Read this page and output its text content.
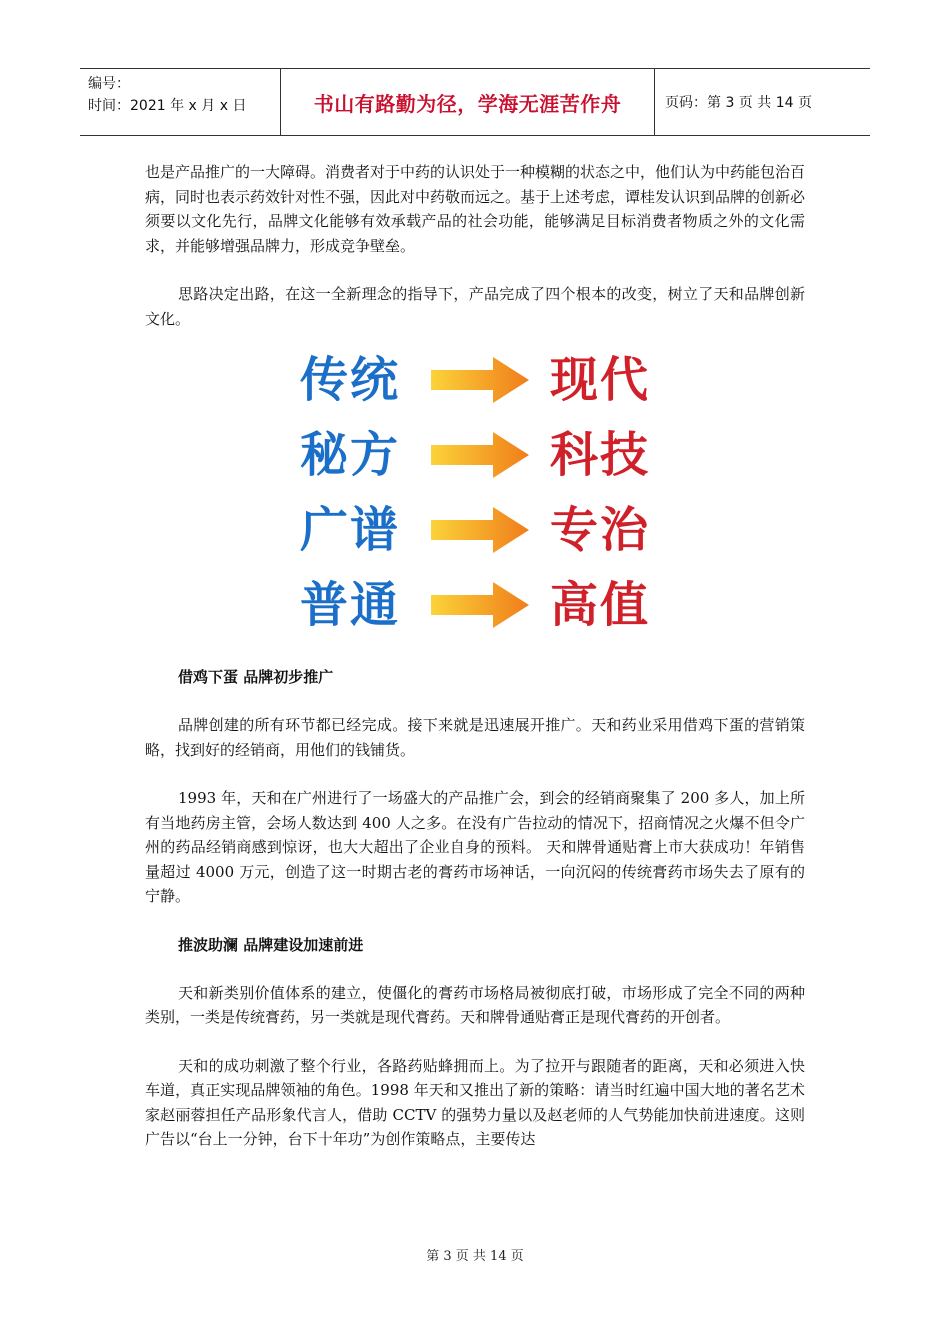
编号：
时间：2021 年 x 月 x 日	书山有路勤为径，学海无涯苦作舟	页码：第 3 页 共 14 页

也是产品推广的一大障碍。消费者对于中药的认识处于一种模糊的状态之中，他们认为中药能包治百病，同时也表示药效针对性不强，因此对中药敬而远之。基于上述考虑，谭桂发认识到品牌的创新必须要以文化先行，品牌文化能够有效承载产品的社会功能，能够满足目标消费者物质之外的文化需求，并能够增强品牌力，形成竞争壁垒。

思路决定出路，在这一全新理念的指导下，产品完成了四个根本的改变，树立了天和品牌创新文化。

传统	现代
秘方	科技
广谱	专治
普通	高值

借鸡下蛋 品牌初步推广

品牌创建的所有环节都已经完成。接下来就是迅速展开推广。天和药业采用借鸡下蛋的营销策略，找到好的经销商，用他们的钱铺货。

1993 年，天和在广州进行了一场盛大的产品推广会，到会的经销商聚集了 200 多人，加上所有当地药房主管，会场人数达到 400 人之多。在没有广告拉动的情况下，招商情况之火爆不但令广州的药品经销商感到惊讶，也大大超出了企业自身的预料。 天和牌骨通贴膏上市大获成功！年销售量超过 4000 万元，创造了这一时期古老的膏药市场神话，一向沉闷的传统膏药市场失去了原有的宁静。

推波助澜 品牌建设加速前进

天和新类别价值体系的建立，使僵化的膏药市场格局被彻底打破，市场形成了完全不同的两种类别，一类是传统膏药，另一类就是现代膏药。天和牌骨通贴膏正是现代膏药的开创者。

天和的成功刺激了整个行业，各路药贴蜂拥而上。为了拉开与跟随者的距离，天和必须进入快车道，真正实现品牌领袖的角色。1998 年天和又推出了新的策略：请当时红遍中国大地的著名艺术家赵丽蓉担任产品形象代言人，借助 CCTV 的强势力量以及赵老师的人气势能加快前进速度。这则广告以“台上一分钟，台下十年功”为创作策略点，主要传达

第 3 页 共 14 页
